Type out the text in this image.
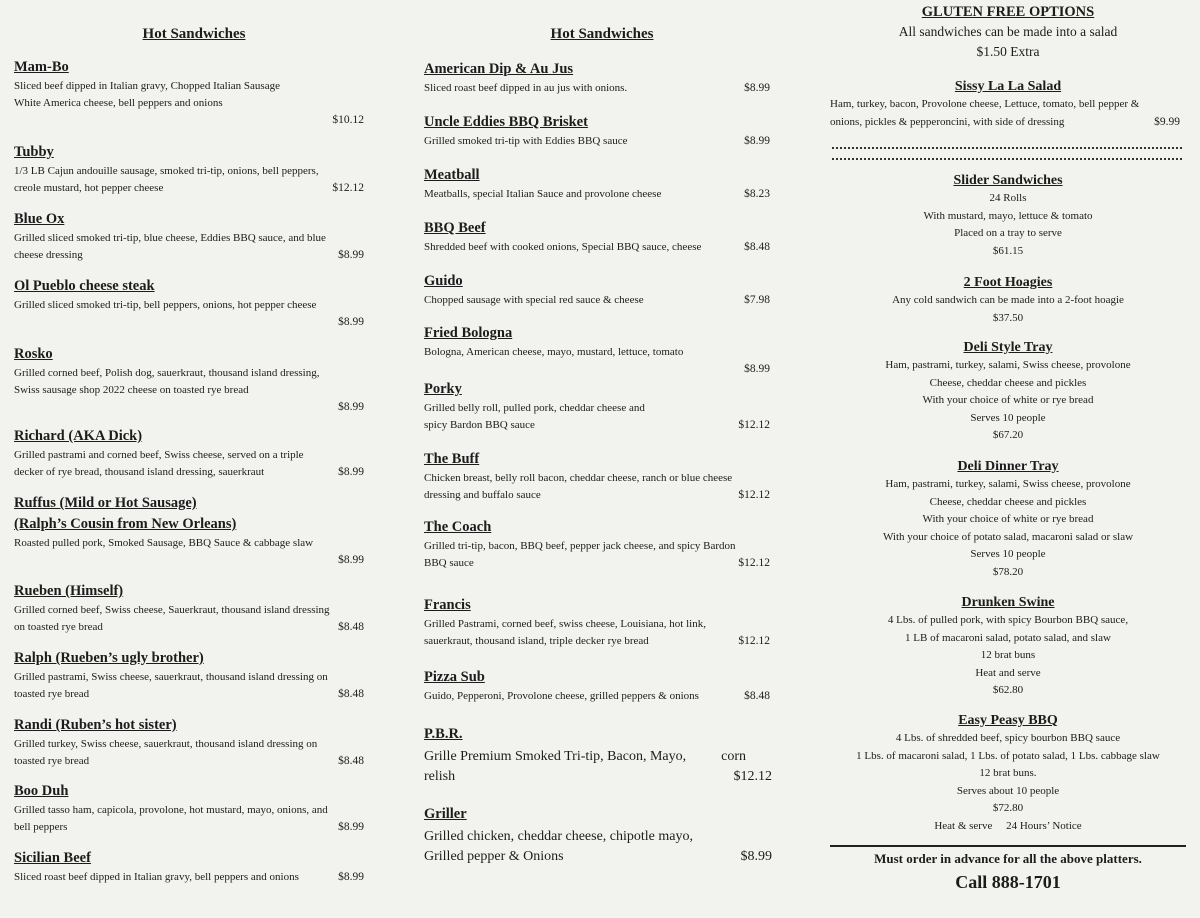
Hot Sandwiches
Mam-Bo
Sliced beef dipped in Italian gravy, Chopped Italian Sausage
White America cheese, bell peppers and onions
$10.12
Tubby
1/3 LB Cajun andouille sausage, smoked tri-tip, onions, bell peppers,
creole mustard, hot pepper cheese	$12.12
Blue Ox
Grilled sliced smoked tri-tip, blue cheese, Eddies BBQ sauce, and blue
cheese dressing	$8.99
Ol Pueblo cheese steak
Grilled sliced smoked tri-tip, bell peppers, onions, hot pepper cheese
$8.99
Rosko
Grilled corned beef, Polish dog, sauerkraut, thousand island dressing,
Swiss sausage shop 2022 cheese on toasted rye bread
$8.99
Richard (AKA Dick)
Grilled pastrami and corned beef, Swiss cheese, served on a triple
decker of rye bread, thousand island dressing, sauerkraut	$8.99
Ruffus (Mild or Hot Sausage)
(Ralph’s Cousin from New Orleans)
Roasted pulled pork, Smoked Sausage, BBQ Sauce & cabbage slaw
$8.99
Rueben (Himself)
Grilled corned beef, Swiss cheese, Sauerkraut, thousand island dressing
on toasted rye bread	$8.48
Ralph (Rueben’s ugly brother)
Grilled pastrami, Swiss cheese, sauerkraut, thousand island dressing on
toasted rye bread	$8.48
Randi (Ruben’s hot sister)
Grilled turkey, Swiss cheese, sauerkraut, thousand island dressing on
toasted rye bread	$8.48
Boo Duh
Grilled tasso ham, capicola, provolone, hot mustard, mayo, onions, and
bell peppers	$8.99
Sicilian Beef
Sliced roast beef dipped in Italian gravy, bell peppers and onions	$8.99
Hot Sandwiches
American Dip & Au Jus
Sliced roast beef dipped in au jus with onions.	$8.99
Uncle Eddies BBQ Brisket
Grilled smoked tri-tip with Eddies BBQ sauce	$8.99
Meatball
Meatballs, special Italian Sauce and provolone cheese	$8.23
BBQ Beef
Shredded beef with cooked onions, Special BBQ sauce, cheese	$8.48
Guido
Chopped sausage with special red sauce & cheese	$7.98
Fried Bologna
Bologna, American cheese, mayo, mustard, lettuce, tomato
$8.99
Porky
Grilled belly roll, pulled pork, cheddar cheese and
spicy Bardon BBQ sauce	$12.12
The Buff
Chicken breast, belly roll bacon, cheddar cheese, ranch or blue cheese
dressing and buffalo sauce	$12.12
The Coach
Grilled tri-tip, bacon, BBQ beef, pepper jack cheese, and spicy Bardon
BBQ sauce	$12.12
Francis
Grilled Pastrami, corned beef, swiss cheese, Louisiana, hot link,
sauerkraut, thousand island, triple decker rye bread	$12.12
Pizza Sub
Guido, Pepperoni, Provolone cheese, grilled peppers & onions	$8.48
P.B.R.
Grille Premium Smoked Tri-tip, Bacon, Mayo,          corn
relish	$12.12
Griller
Grilled chicken, cheddar cheese, chipotle mayo,
Grilled pepper & Onions	$8.99
GLUTEN FREE OPTIONS
All sandwiches can be made into a salad
$1.50 Extra
Sissy La La Salad
Ham, turkey, bacon, Provolone cheese, Lettuce, tomato, bell pepper &
onions, pickles & pepperoncini, with side of dressing	$9.99
Slider Sandwiches
24 Rolls
With mustard, mayo, lettuce & tomato
Placed on a tray to serve
$61.15
2 Foot Hoagies
Any cold sandwich can be made into a 2-foot hoagie
$37.50
Deli Style Tray
Ham, pastrami, turkey, salami, Swiss cheese, provolone
Cheese, cheddar cheese and pickles
With your choice of white or rye bread
Serves 10 people
$67.20
Deli Dinner Tray
Ham, pastrami, turkey, salami, Swiss cheese, provolone
Cheese, cheddar cheese and pickles
With your choice of white or rye bread
With your choice of potato salad, macaroni salad or slaw
Serves 10 people
$78.20
Drunken Swine
4 Lbs. of pulled pork, with spicy Bourbon BBQ sauce,
1 LB of macaroni salad, potato salad, and slaw
12 brat buns
Heat and serve
$62.80
Easy Peasy BBQ
4 Lbs. of shredded beef, spicy bourbon BBQ sauce
1 Lbs. of macaroni salad, 1 Lbs. of potato salad, 1 Lbs. cabbage slaw
12 brat buns.
Serves about 10 people
$72.80
Heat & serve     24 Hours’ Notice
Must order in advance for all the above platters.
Call 888-1701
